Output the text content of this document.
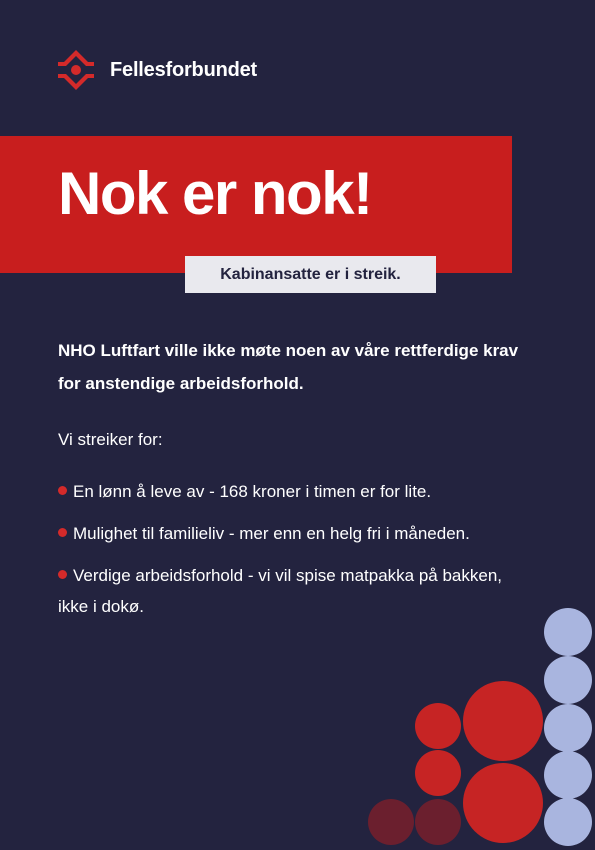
Fellesforbundet
Nok er nok!
Kabinansatte er i streik.
NHO Luftfart ville ikke møte noen av våre rettferdige krav for anstendige arbeidsforhold.
Vi streiker for:
En lønn å leve av - 168 kroner i timen er for lite.
Mulighet til familieliv - mer enn en helg fri i måneden.
Verdige arbeidsforhold - vi vil spise matpakka på bakken, ikke i dokø.
